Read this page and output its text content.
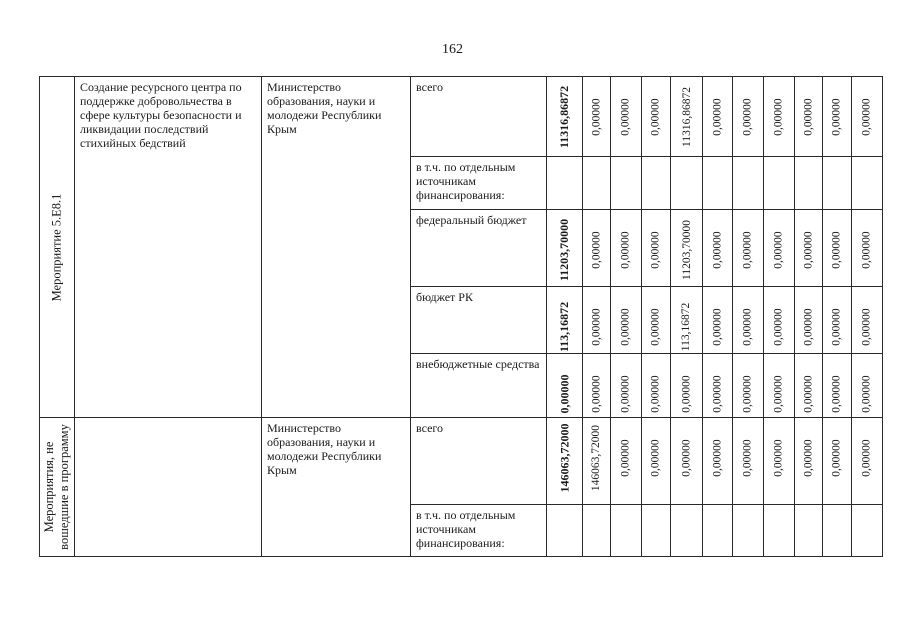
162
Мероприятие 5.Е8.1	Создание ресурсного центра по поддержке добровольчества в сфере культуры безопасности и ликвидации последствий стихийных бедствий	Министерство образования, науки и молодежи Республики Крым	всего	11316,86872	0,00000	0,00000	0,00000	11316,86872	0,00000	0,00000	0,00000	0,00000	0,00000	0,00000

			в т.ч. по отдельным источникам финансирования:											

			федеральный бюджет	11203,70000	0,00000	0,00000	0,00000	11203,70000	0,00000	0,00000	0,00000	0,00000	0,00000	0,00000

			бюджет РК	113,16872	0,00000	0,00000	0,00000	113,16872	0,00000	0,00000	0,00000	0,00000	0,00000	0,00000

			внебюджетные средства	0,00000	0,00000	0,00000	0,00000	0,00000	0,00000	0,00000	0,00000	0,00000	0,00000	0,00000

Мероприятия, не вошедшие в программу		Министерство образования, науки и молодежи Республики Крым	всего	146063,72000	146063,72000	0,00000	0,00000	0,00000	0,00000	0,00000	0,00000	0,00000	0,00000	0,00000

			в т.ч. по отдельным источникам финансирования:											
